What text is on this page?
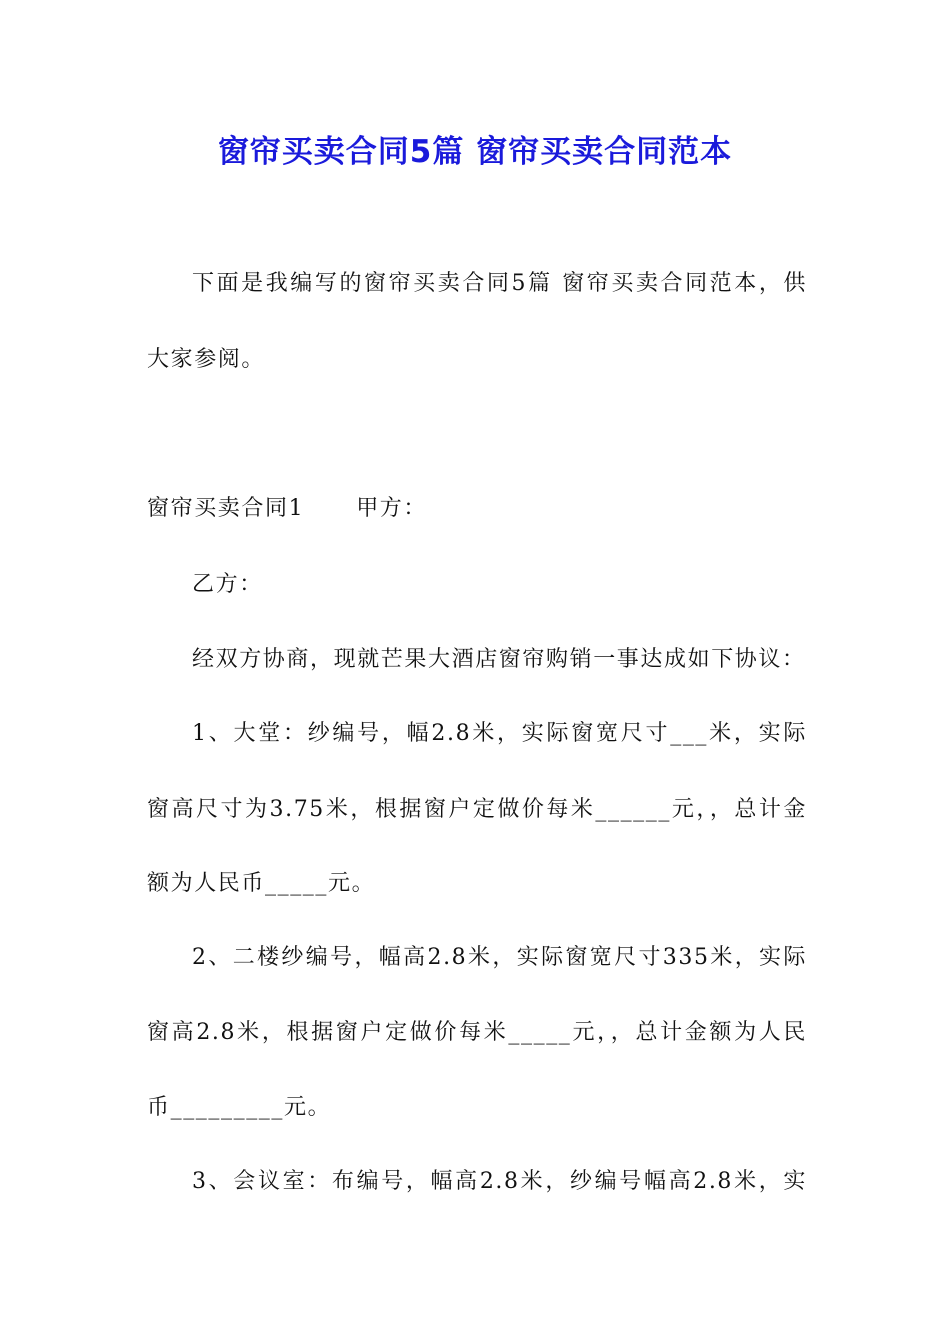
窗帘买卖合同5篇 窗帘买卖合同范本
下面是我编写的窗帘买卖合同5篇 窗帘买卖合同范本，供
大家参阅。
窗帘买卖合同1 甲方：
乙方：
经双方协商，现就芒果大酒店窗帘购销一事达成如下协议：
1、大堂：纱编号，幅2.8米，实际窗宽尺寸___米，实际
窗高尺寸为3.75米，根据窗户定做价每米______元，，总计金
额为人民币_____元。
2、二楼纱编号，幅高2.8米，实际窗宽尺寸335米，实际
窗高2.8米，根据窗户定做价每米_____元，，总计金额为人民
币_________元。
3、会议室：布编号，幅高2.8米，纱编号幅高2.8米，实
